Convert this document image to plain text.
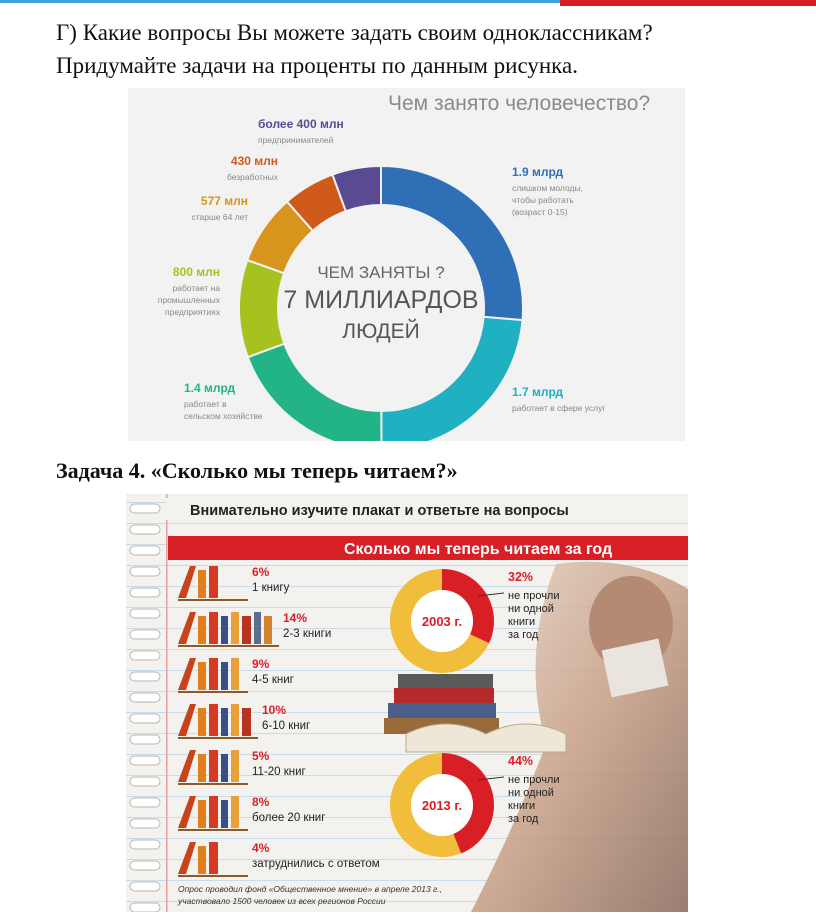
Г) Какие вопросы Вы можете задать своим одноклассникам?
Придумайте задачи на проценты по данным рисунка.
Чем занято человечество?
1.9 млрд
слишком молоды,
чтобы работать
(возраст 0-15)
1.7 млрд
работает в сфере услуг
1.4 млрд
работает в
сельском хозяйстве
800 млн
работает на
промышленных
предприятиях
577 млн
старше 64 лет
430 млн
безработных
более 400 млн
предпринимателей
ЧЕМ ЗАНЯТЫ ?
7 МИЛЛИАРДОВ
ЛЮДЕЙ
Задача 4. «Сколько мы теперь читаем?»
Внимательно изучите плакат и ответьте на вопросы
Сколько мы теперь читаем за год
6%
1 книгу
14%
2-3 книги
9%
4-5 книг
10%
6-10 книг
5%
11-20 книг
8%
более 20 книг
4%
затруднились с ответом
2003 г.
32%
не прочли
ни одной
книги
за год
2013 г.
44%
не прочли
ни одной
книги
за год
Опрос проводил фонд «Общественное мнение» в апреле 2013 г.,
участвовало 1500 человек из всех регионов России
